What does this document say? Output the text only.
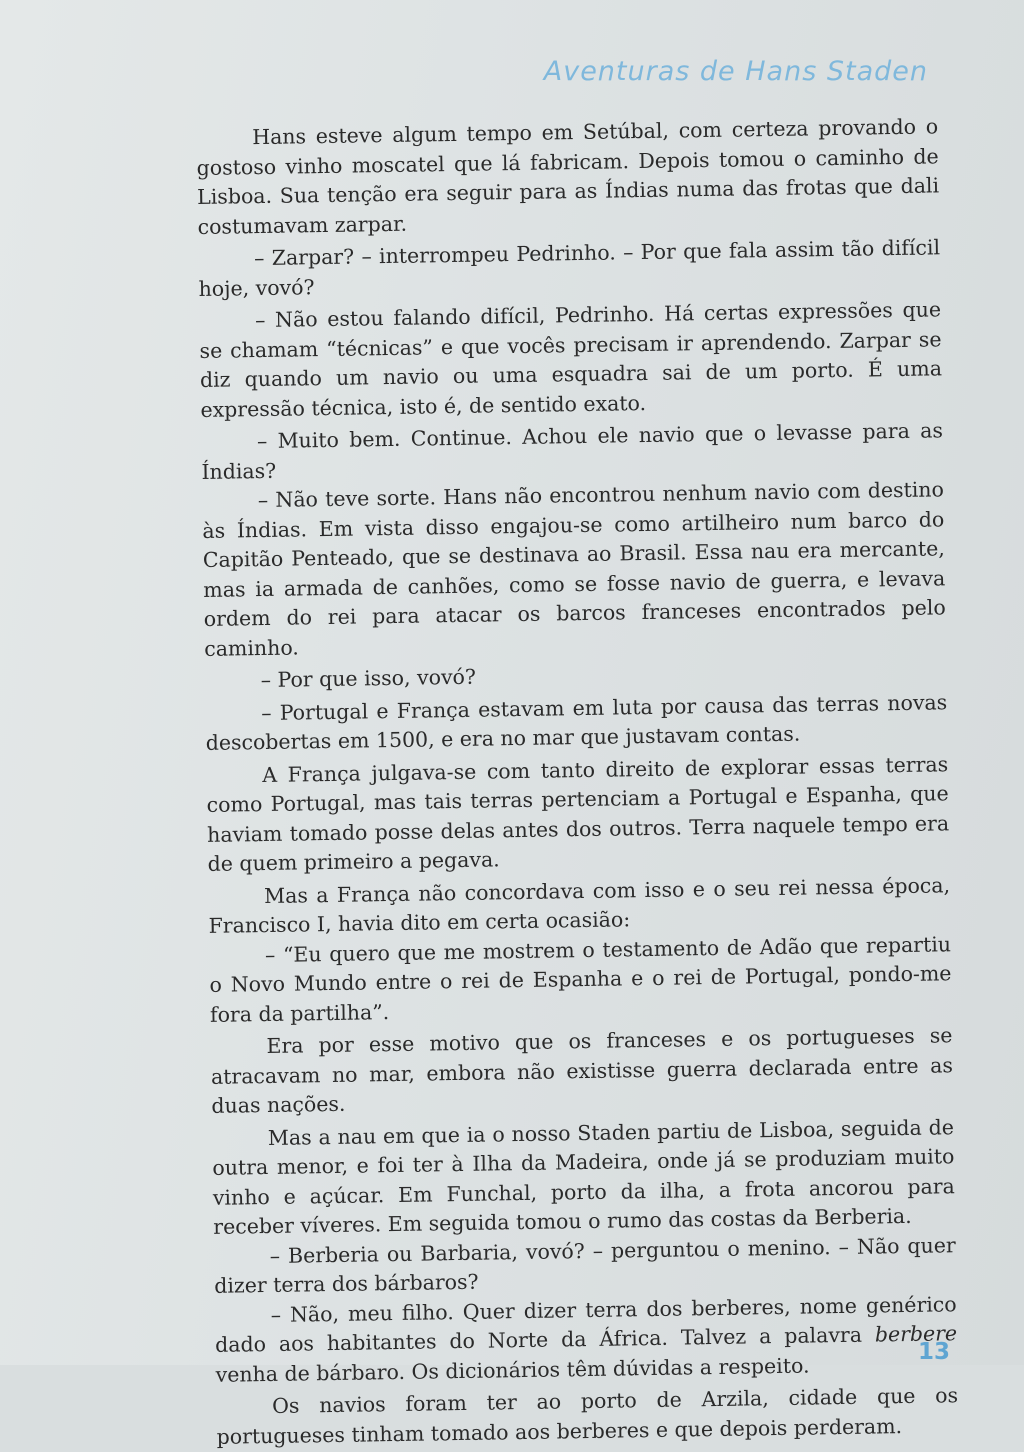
Aventuras de Hans Staden

Hans esteve algum tempo em Setúbal, com certeza provando o gostoso vinho moscatel que lá fabricam. Depois tomou o caminho de Lisboa. Sua tenção era seguir para as Índias numa das frotas que dali costumavam zarpar.

– Zarpar? – interrompeu Pedrinho. – Por que fala assim tão difícil hoje, vovó?

– Não estou falando difícil, Pedrinho. Há certas expressões que se chamam “técnicas” e que vocês precisam ir aprendendo. Zarpar se diz quando um navio ou uma esquadra sai de um porto. É uma expressão técnica, isto é, de sentido exato.

– Muito bem. Continue. Achou ele navio que o levasse para as Índias?

– Não teve sorte. Hans não encontrou nenhum navio com destino às Índias. Em vista disso engajou-se como artilheiro num barco do Capitão Penteado, que se destinava ao Brasil. Essa nau era mercante, mas ia armada de canhões, como se fosse navio de guerra, e levava ordem do rei para atacar os barcos franceses encontrados pelo caminho.

– Por que isso, vovó?

– Portugal e França estavam em luta por causa das terras novas descobertas em 1500, e era no mar que justavam contas.

A França julgava-se com tanto direito de explorar essas terras como Portugal, mas tais terras pertenciam a Portugal e Espanha, que haviam tomado posse delas antes dos outros. Terra naquele tempo era de quem primeiro a pegava.

Mas a França não concordava com isso e o seu rei nessa época, Francisco I, havia dito em certa ocasião:

– “Eu quero que me mostrem o testamento de Adão que repartiu o Novo Mundo entre o rei de Espanha e o rei de Portugal, pondo-me fora da partilha”.

Era por esse motivo que os franceses e os portugueses se atracavam no mar, embora não existisse guerra declarada entre as duas nações.

Mas a nau em que ia o nosso Staden partiu de Lisboa, seguida de outra menor, e foi ter à Ilha da Madeira, onde já se produziam muito vinho e açúcar. Em Funchal, porto da ilha, a frota ancorou para receber víveres. Em seguida tomou o rumo das costas da Berberia.

– Berberia ou Barbaria, vovó? – perguntou o menino. – Não quer dizer terra dos bárbaros?

– Não, meu filho. Quer dizer terra dos berberes, nome genérico dado aos habitantes do Norte da África. Talvez a palavra berbere venha de bárbaro. Os dicionários têm dúvidas a respeito.

Os navios foram ter ao porto de Arzila, cidade que os portugueses tinham tomado aos berberes e que depois perderam.

13
